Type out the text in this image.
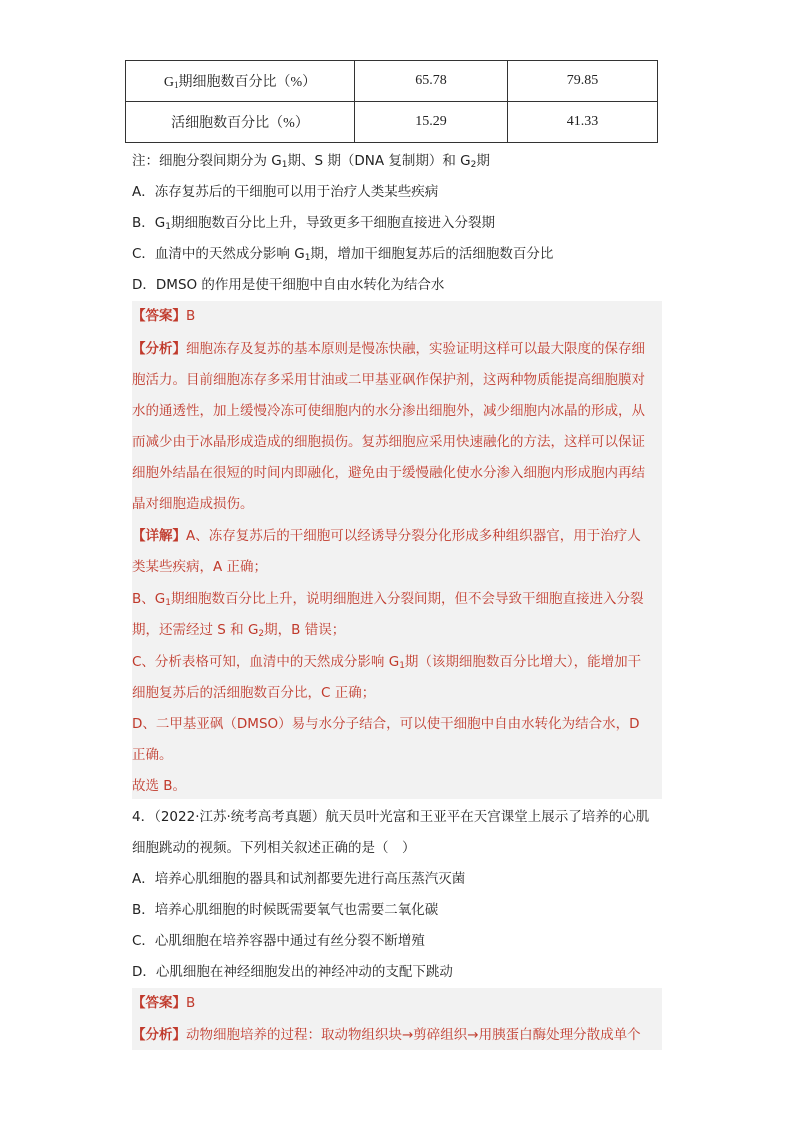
$G_1$期细胞数百分比（%）	65.78	79.85
活细胞数百分比（%）	15.29	41.33
注：细胞分裂间期分为 $G_1$期、S 期（DNA 复制期）和 $G_2$期
A．冻存复苏后的干细胞可以用于治疗人类某些疾病
B．$G_1$期细胞数百分比上升，导致更多干细胞直接进入分裂期
C．血清中的天然成分影响 $G_1$期，增加干细胞复苏后的活细胞数百分比
D．DMSO 的作用是使干细胞中自由水转化为结合水
【答案】B
【分析】细胞冻存及复苏的基本原则是慢冻快融，实验证明这样可以最大限度的保存细
胞活力。目前细胞冻存多采用甘油或二甲基亚砜作保护剂，这两种物质能提高细胞膜对
水的通透性，加上缓慢冷冻可使细胞内的水分渗出细胞外，减少细胞内冰晶的形成，从
而减少由于冰晶形成造成的细胞损伤。复苏细胞应采用快速融化的方法，这样可以保证
细胞外结晶在很短的时间内即融化，避免由于缓慢融化使水分渗入细胞内形成胞内再结
晶对细胞造成损伤。
【详解】A、冻存复苏后的干细胞可以经诱导分裂分化形成多种组织器官，用于治疗人
类某些疾病，A 正确；
B、$G_1$期细胞数百分比上升，说明细胞进入分裂间期，但不会导致干细胞直接进入分裂
期，还需经过 S 和 $G_2$期，B 错误；
C、分析表格可知，血清中的天然成分影响 $G_1$期（该期细胞数百分比增大），能增加干
细胞复苏后的活细胞数百分比，C 正确；
D、二甲基亚砜（DMSO）易与水分子结合，可以使干细胞中自由水转化为结合水，D
正确。
故选 B。
4．（2022·江苏·统考高考真题）航天员叶光富和王亚平在天宫课堂上展示了培养的心肌
细胞跳动的视频。下列相关叙述正确的是（　）
A．培养心肌细胞的器具和试剂都要先进行高压蒸汽灭菌
B．培养心肌细胞的时候既需要氧气也需要二氧化碳
C．心肌细胞在培养容器中通过有丝分裂不断增殖
D．心肌细胞在神经细胞发出的神经冲动的支配下跳动
【答案】B
【分析】动物细胞培养的过程：取动物组织块→剪碎组织→用胰蛋白酶处理分散成单个
